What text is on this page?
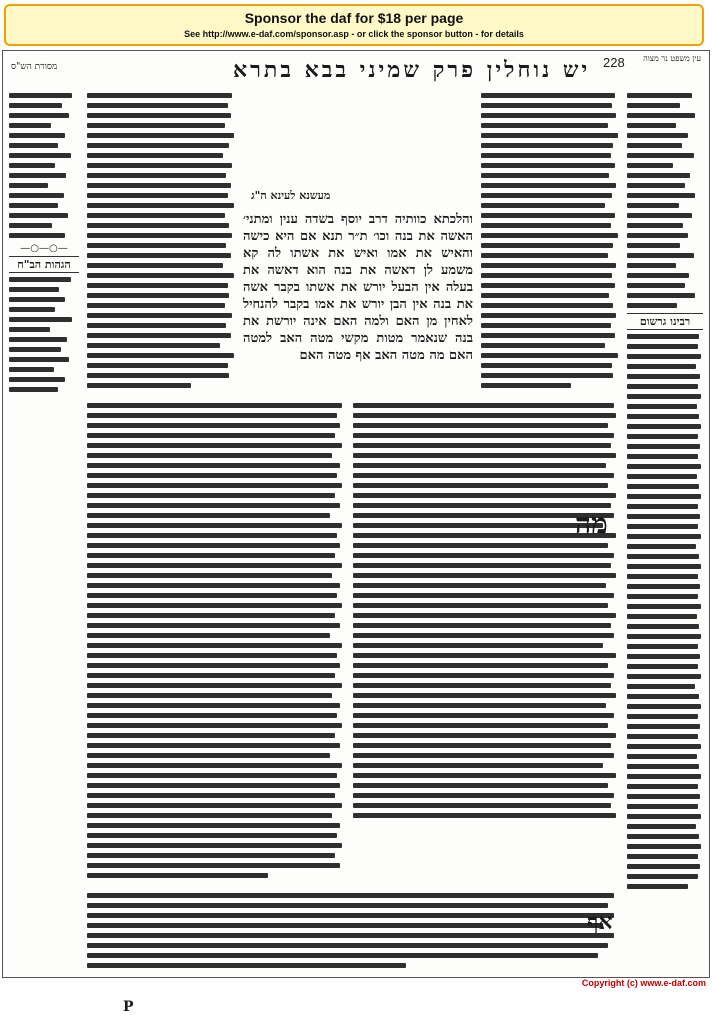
Sponsor the daf for $18 per page
See http://www.e-daf.com/sponsor.asp - or click the sponsor button - for details
מסורת הש"ס	יש נוחלין פרק שמיני בבא בתרא 228 עין משפט נר מצוה
—○—○—
הגהות הב"ח
מעשנא לעינא ה"ג
והלכתא כוותיה דרב יוסף בשדה ענין ומתני׳ האשה את בנה וכו׳ ת״ר תנא אם היא כישה והאיש את אמו ואיש את אשתו לה קא משמע לן דאשה את בנה הוא דאשה את בעלה אין הבעל יורש את אשתו בקבר אשה את בנה אין הבן יורש את אמו בקבר להנחיל לאחין מן האם ולמה האם אינה יורשת את בנה שנאמר מטות מקשי מטה האב למטה האם מה מטה האב אף מטה האם
רבינו גרשום
מה
אף
P
Copyright (c) www.e-daf.com
